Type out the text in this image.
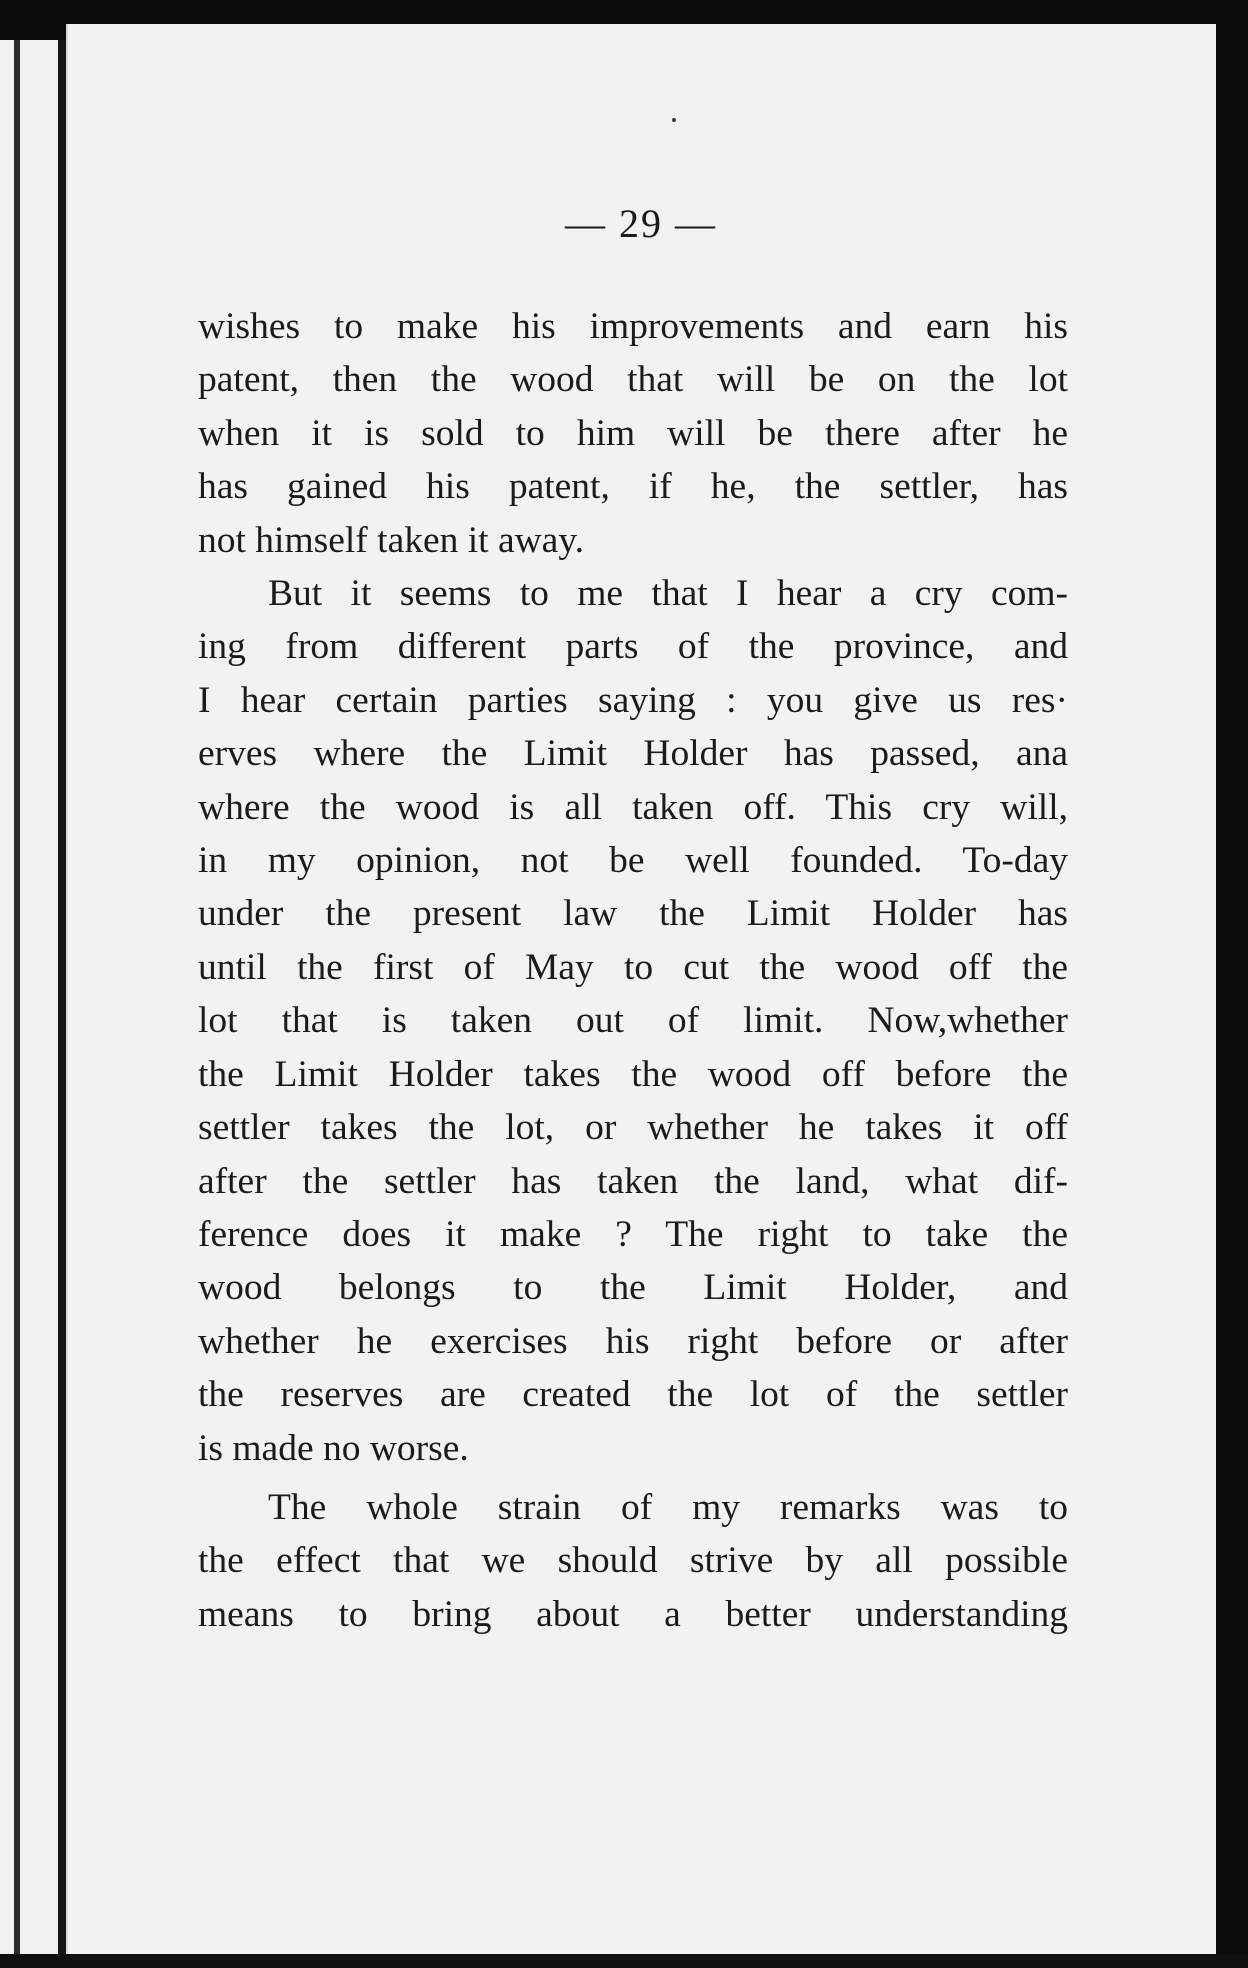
— 29 —

wishes to make his improvements and earn his
patent, then the wood that will be on the lot
when it is sold to him will be there after he
has gained his patent, if he, the settler, has
not himself taken it away.

But it seems to me that I hear a cry com-
ing from different parts of the province, and
I hear certain parties saying : you give us res·
erves where the Limit Holder has passed, ana
where the wood is all taken off. This cry will,
in my opinion, not be well founded. To-day
under the present law the Limit Holder has
until the first of May to cut the wood off the
lot that is taken out of limit. Now,whether
the Limit Holder takes the wood off before the
settler takes the lot, or whether he takes it off
after the settler has taken the land, what dif-
ference does it make ? The right to take the
wood belongs to the Limit Holder, and
whether he exercises his right before or after
the reserves are created the lot of the settler
is made no worse.

The whole strain of my remarks was to
the effect that we should strive by all possible
means to bring about a better understanding
